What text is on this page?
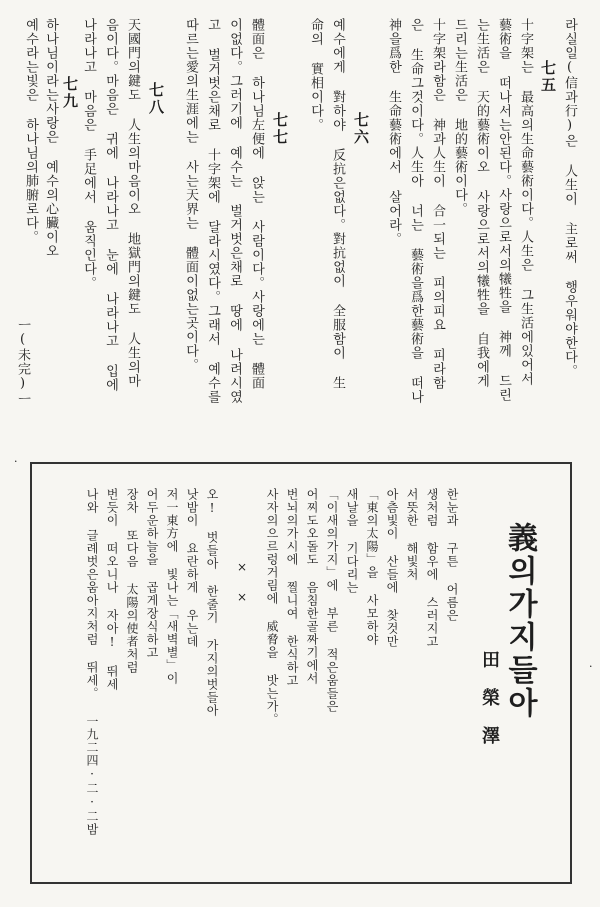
라실일(信과行)은 人生이 主로써 행우워야한다。
七五
十字架는 最高의生命藝術이다。人生은 그生活에있어서
藝術을 떠나서는안된다。사랑으로서의犧牲을 神께 드린
는生活은 天的藝術이오 사랑으로서의犧牲을 自我에게
드리는生活은 地的藝術이다。
十字架라함은 神과人生이 合一되는 피의피요 피라함
은 生命그것이다。人生아 너는 藝術을爲한藝術을 떠나
神을爲한 生命藝術에서 살어라。
七六
예수에게 對하야 反抗은없다。對抗없이 全服함이 生
命의 實相이다。
七七
體面은 하나님左便에 앉는 사람이다。사랑에는 體面
이없다。그러기에 예수는 벌거벗은채로 땅에 나려시였
고 벌거벗은채로 十字架에 달라시였다。그래서 예수를
따르는愛의生涯에는 사는天界는 體面이없는곳이다。
七八
天國門의鍵도 人生의마음이오 地獄門의鍵도 人生의마
음이다。마음은 귀에 나라나고 눈에 나라나고 입에
나라나고 마음은 手足에서 움직인다。
七九
하나님이라는사랑은 예수의心臟이오
예수라는빛은 하나님의肺腑로다。
ㅡ(未完)ㅡ
義의가지들아
田榮澤
한눈과 구튼 어름은
생처럼 함우에 스러지고
서뜻한 해빛처
아츰빛이 산들에 찾것만
「東의太陽」을 사모하야
새날을 기다리는
「이새의가지」에 부른 적은움들은
어찌도오돌도 음침한골짜기에서
번뇌의가시에 찔니여 한식하고
사자의으르렁거림에 威脅을 밧는가。
× ×
오! 벗들아 한줄기 가지의벗들아
낫밤이 요란하게 우는데
저一東方에 빛나는「새벽별」이
어두운하늘을 곱게장식하고
장차 또다음 太陽의使者처럼
번듯이 떠오니나 자아! 뛰세
나와 글례벗은움아지처럼 뛰세。 一九二四·二·二밤
·
·
